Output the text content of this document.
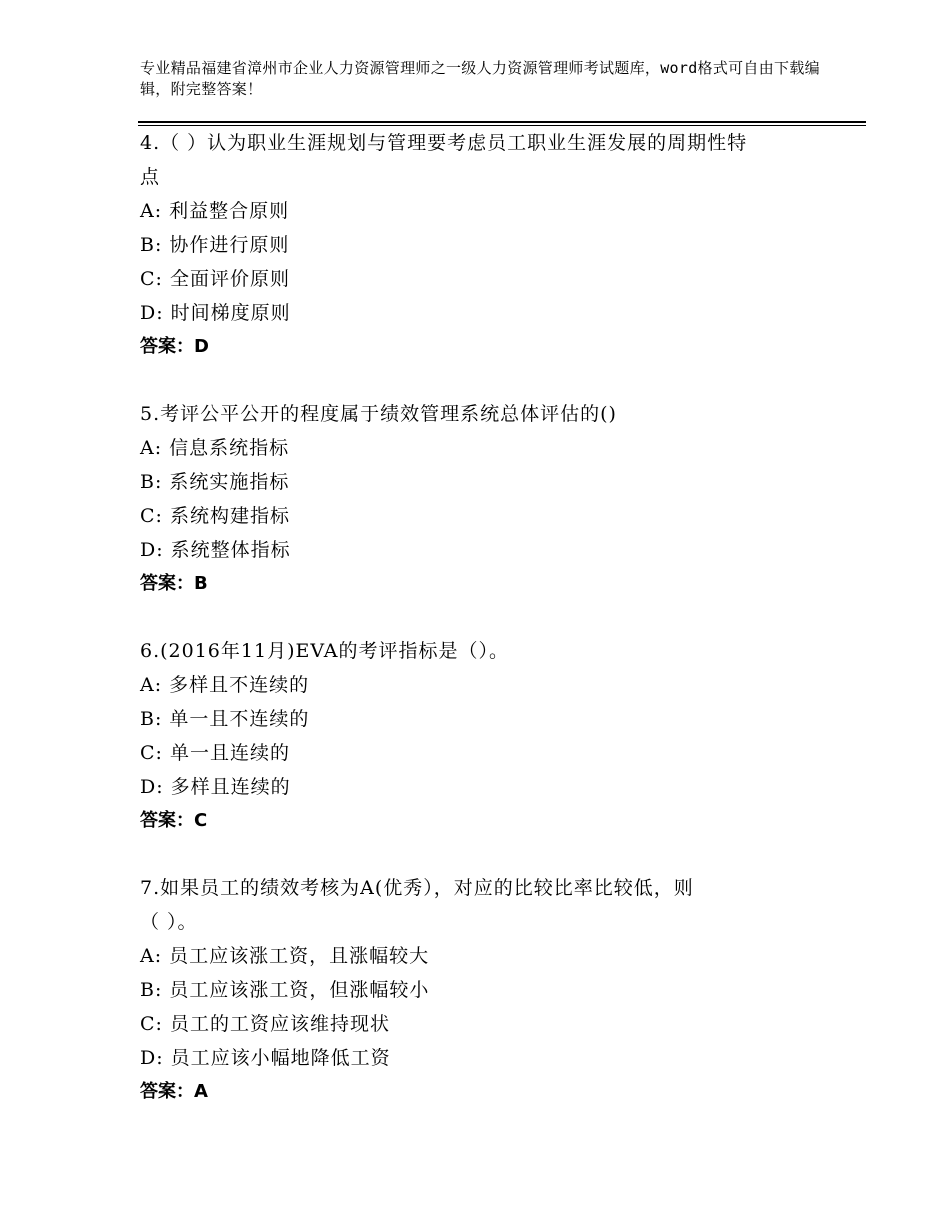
专业精品福建省漳州市企业人力资源管理师之一级人力资源管理师考试题库，word格式可自由下载编辑，附完整答案！
4.（ ）认为职业生涯规划与管理要考虑员工职业生涯发展的周期性特
点
A: 利益整合原则
B: 协作进行原则
C: 全面评价原则
D: 时间梯度原则
答案：D
5.考评公平公开的程度属于绩效管理系统总体评估的()
A: 信息系统指标
B: 系统实施指标
C: 系统构建指标
D: 系统整体指标
答案：B
6.(2016年11月)EVA的考评指标是（）。
A: 多样且不连续的
B: 单一且不连续的
C: 单一且连续的
D: 多样且连续的
答案：C
7.如果员工的绩效考核为A(优秀），对应的比较比率比较低，则
（ ）。
A: 员工应该涨工资，且涨幅较大
B: 员工应该涨工资，但涨幅较小
C: 员工的工资应该维持现状
D: 员工应该小幅地降低工资
答案：A
